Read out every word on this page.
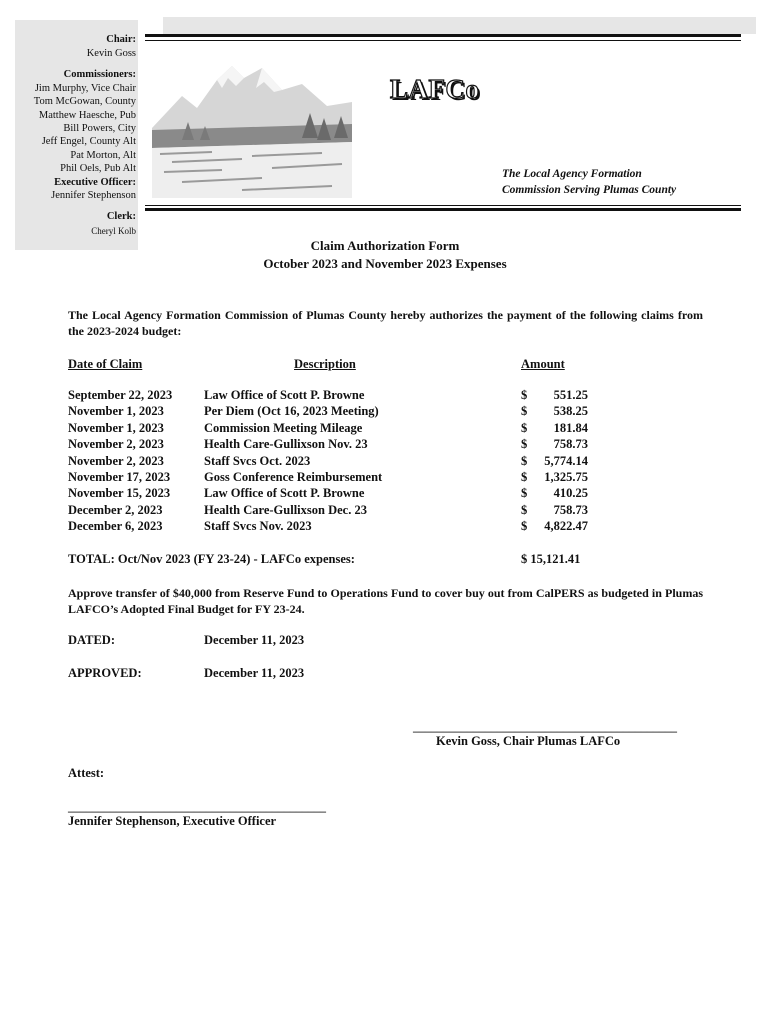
Chair:
Kevin Goss
Commissioners:
Jim Murphy, Vice Chair
Tom McGowan, County
Matthew Haesche, Pub
Bill Powers, City
Jeff Engel, County Alt
Pat Morton, Alt
Phil Oels, Pub Alt
Executive Officer:
Jennifer Stephenson
Clerk:
Cheryl Kolb
LAFCo
The Local Agency Formation
Commission Serving Plumas County
Claim Authorization Form
October 2023 and November 2023 Expenses
The Local Agency Formation Commission of Plumas County hereby authorizes the payment of the following claims from the 2023-2024 budget:
Date of Claim	Description	Amount
September 22, 2023	Law Office of Scott P. Browne	$	551.25
November 1, 2023	Per Diem (Oct 16, 2023 Meeting)	$	538.25
November 1, 2023	Commission Meeting Mileage	$	181.84
November 2, 2023	Health Care-Gullixson Nov. 23	$	758.73
November 2, 2023	Staff Svcs Oct. 2023	$	5,774.14
November 17, 2023	Goss Conference Reimbursement	$	1,325.75
November 15, 2023	Law Office of Scott P. Browne	$	410.25
December 2, 2023	Health Care-Gullixson Dec. 23	$	758.73
December 6, 2023	Staff Svcs Nov. 2023	$	4,822.47
TOTAL: Oct/Nov 2023 (FY 23-24) - LAFCo expenses:	$ 15,121.41
Approve transfer of $40,000 from Reserve Fund to Operations Fund to cover buy out from CalPERS as budgeted in Plumas LAFCO’s Adopted Final Budget for FY 23-24.
DATED:	December 11, 2023
APPROVED:	December 11, 2023
____________________________________________
Kevin Goss, Chair Plumas LAFCo
Attest:
___________________________________________
Jennifer Stephenson, Executive Officer
